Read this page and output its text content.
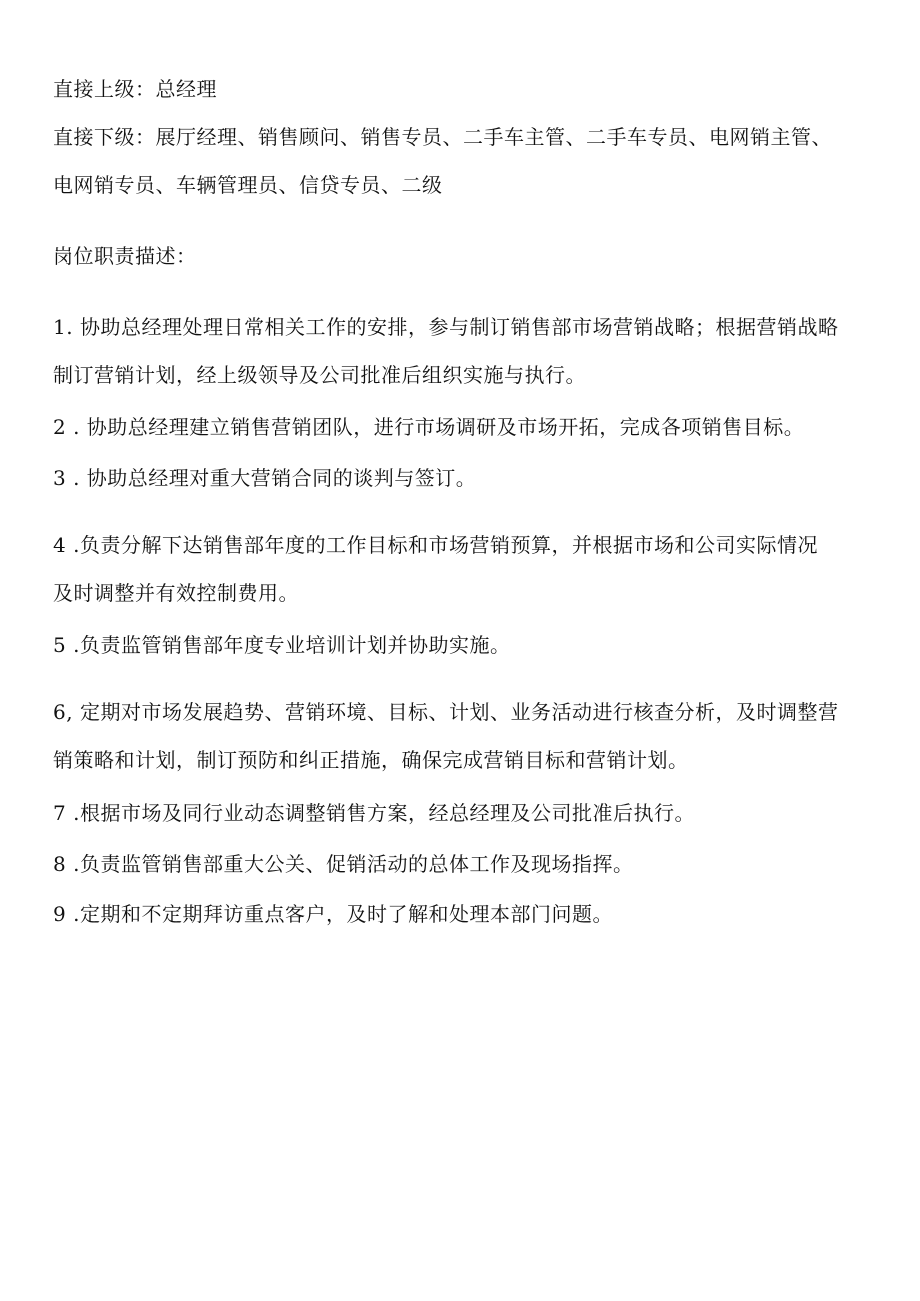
直接上级：总经理
直接下级：展厅经理、销售顾问、销售专员、二手车主管、二手车专员、电网销主管、
电网销专员、车辆管理员、信贷专员、二级
岗位职责描述：
1. 协助总经理处理日常相关工作的安排，参与制订销售部市场营销战略；根据营销战略
制订营销计划，经上级领导及公司批准后组织实施与执行。
2 . 协助总经理建立销售营销团队，进行市场调研及市场开拓，完成各项销售目标。
3 . 协助总经理对重大营销合同的谈判与签订。
4 .负责分解下达销售部年度的工作目标和市场营销预算，并根据市场和公司实际情况
及时调整并有效控制费用。
5 .负责监管销售部年度专业培训计划并协助实施。
6, 定期对市场发展趋势、营销环境、目标、计划、业务活动进行核查分析，及时调整营
销策略和计划，制订预防和纠正措施，确保完成营销目标和营销计划。
7 .根据市场及同行业动态调整销售方案，经总经理及公司批准后执行。
8 .负责监管销售部重大公关、促销活动的总体工作及现场指挥。
9 .定期和不定期拜访重点客户，及时了解和处理本部门问题。
